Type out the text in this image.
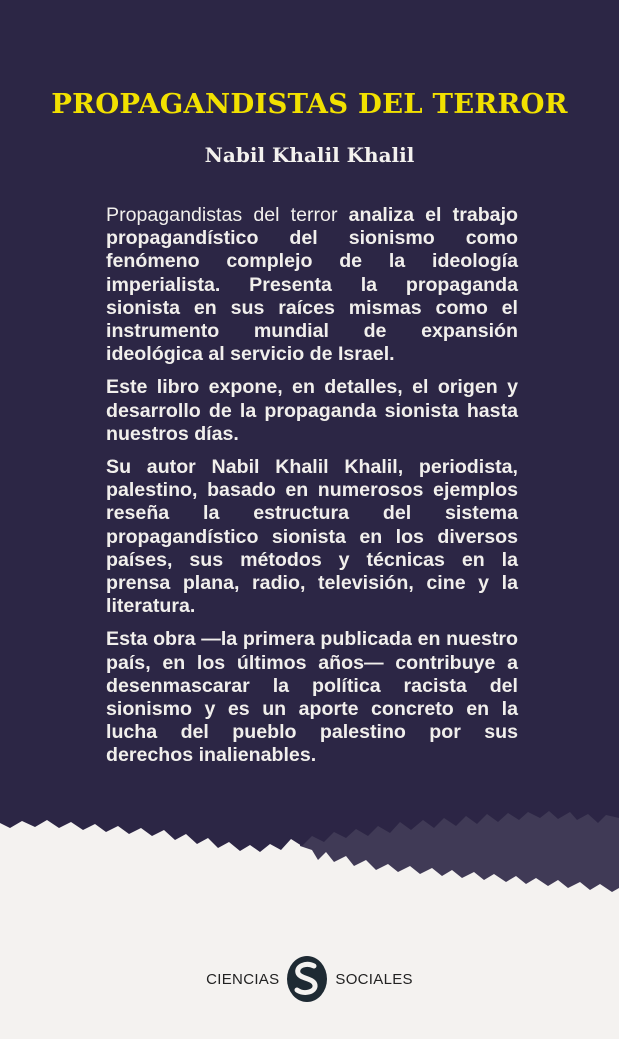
PROPAGANDISTAS DEL TERROR
Nabil Khalil Khalil

Propagandistas del terror analiza el trabajo propagandístico del sionismo como fenómeno complejo de la ideología imperialista. Presenta la propaganda sionista en sus raíces mismas como el instrumento mundial de expansión ideológica al servicio de Israel.

Este libro expone, en detalles, el origen y desarrollo de la propaganda sionista hasta nuestros días.

Su autor Nabil Khalil Khalil, periodista, palestino, basado en numerosos ejemplos reseña la estructura del sistema propagandístico sionista en los diversos países, sus métodos y técnicas en la prensa plana, radio, televisión, cine y la literatura.

Esta obra —la primera publicada en nuestro país, en los últimos años— contribuye a desenmascarar la política racista del sionismo y es un aporte concreto en la lucha del pueblo palestino por sus derechos inalienables.

CIENCIAS	SOCIALES
